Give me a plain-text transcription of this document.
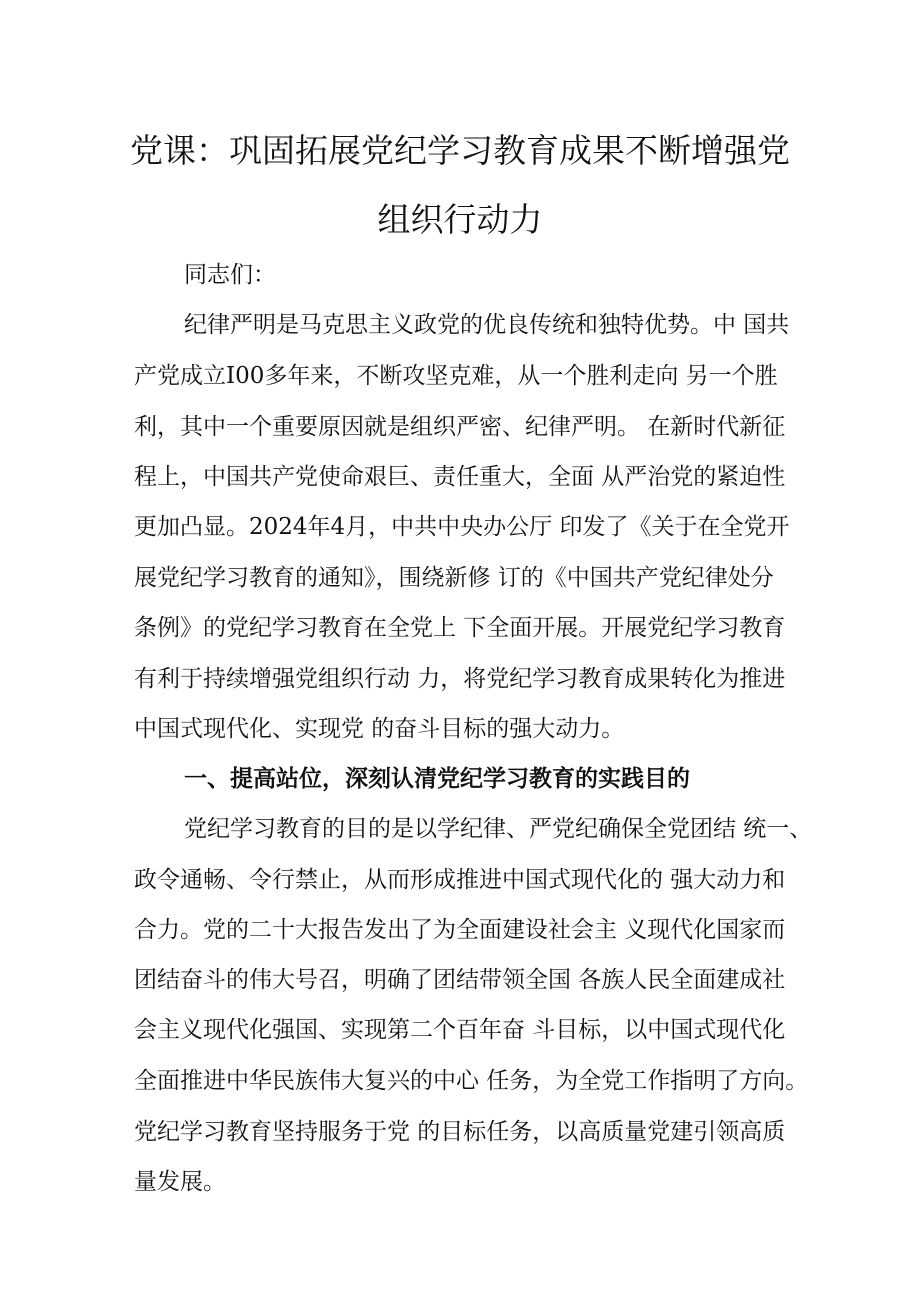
党课：巩固拓展党纪学习教育成果不断增强党
组织行动力

同志们：

纪律严明是马克思主义政党的优良传统和独特优势。中 国共

产党成立I00多年来，不断攻坚克难，从一个胜利走向 另一个胜

利，其中一个重要原因就是组织严密、纪律严明。 在新时代新征

程上，中国共产党使命艰巨、责任重大，全面 从严治党的紧迫性

更加凸显。2024年4月，中共中央办公厅 印发了《关于在全党开

展党纪学习教育的通知》，围绕新修 订的《中国共产党纪律处分

条例》的党纪学习教育在全党上 下全面开展。开展党纪学习教育

有利于持续增强党组织行动 力，将党纪学习教育成果转化为推进

中国式现代化、实现党 的奋斗目标的强大动力。

一、提高站位，深刻认清党纪学习教育的实践目的

党纪学习教育的目的是以学纪律、严党纪确保全党团结 统一、

政令通畅、令行禁止，从而形成推进中国式现代化的 强大动力和

合力。党的二十大报告发出了为全面建设社会主 义现代化国家而

团结奋斗的伟大号召，明确了团结带领全国 各族人民全面建成社

会主义现代化强国、实现第二个百年奋 斗目标，以中国式现代化

全面推进中华民族伟大复兴的中心 任务，为全党工作指明了方向。

党纪学习教育坚持服务于党 的目标任务，以高质量党建引领高质

量发展。
